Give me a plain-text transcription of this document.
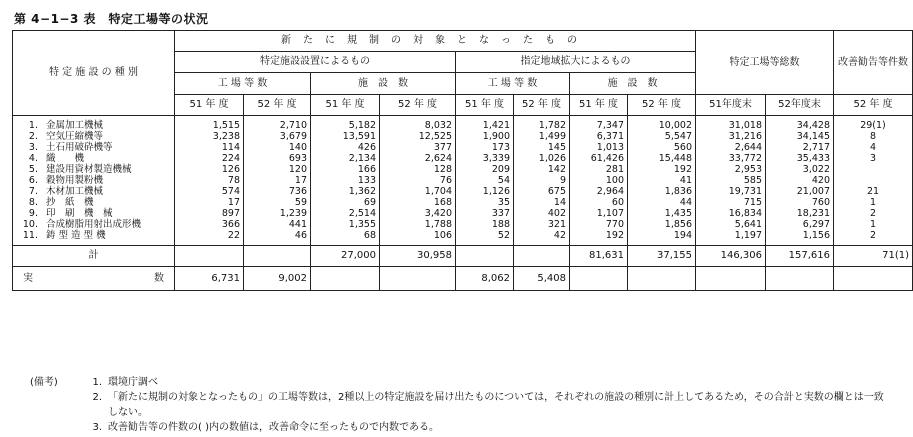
第 4−1−3 表　特定工場等の状況
特 定 施 設 の 種 別	新たに規制の対象となったもの								特定工場等総数		改善勧告等件数
	特定施設設置によるもの				指定地域拡大によるもの						
	工 場 等 数		施　設　数		工 場 等 数		施　設　数				
	51 年 度	52 年 度	51 年 度	52 年 度	51 年 度	52 年 度	51 年 度	52 年 度	51年度末	52年度末	52 年 度
1. 金属加工機械	1,515	2,710	5,182	8,032	1,421	1,782	7,347	10,002	31,018	34,428	29(1)
2. 空気圧縮機等	3,238	3,679	13,591	12,525	1,900	1,499	6,371	5,547	31,216	34,145	8
3. 土石用破砕機等	114	140	426	377	173	145	1,013	560	2,644	2,717	4
4. 織　　機	224	693	2,134	2,624	3,339	1,026	61,426	15,448	33,772	35,433	3
5. 建設用資材製造機械	126	120	166	128	209	142	281	192	2,953	3,022	
6. 穀物用製粉機	78	17	133	76	54	9	100	41	585	420	
7. 木材加工機械	574	736	1,362	1,704	1,126	675	2,964	1,836	19,731	21,007	21
8. 抄　紙　機	17	59	69	168	35	14	60	44	715	760	1
9. 印　刷　機　械	897	1,239	2,514	3,420	337	402	1,107	1,435	16,834	18,231	2
10. 合成樹脂用射出成形機	366	441	1,355	1,788	188	321	770	1,856	5,641	6,297	1
11. 鋳 型 造 型 機	22	46	68	106	52	42	192	194	1,197	1,156	2
計			27,000	30,958			81,631	37,155	146,306	157,616	71(1)

実 数	6,731	9,002			8,062	5,408					
(備考)	1. 環境庁調べ
2. 「新たに規制の対象となったもの」の工場等数は，2種以上の特定施設を届け出たものについては，それぞれの施設の種別に計上してあるため，その合計と実数の欄とは一致しない。
3. 改善勧告等の件数の( )内の数値は，改善命令に至ったもので内数である。
